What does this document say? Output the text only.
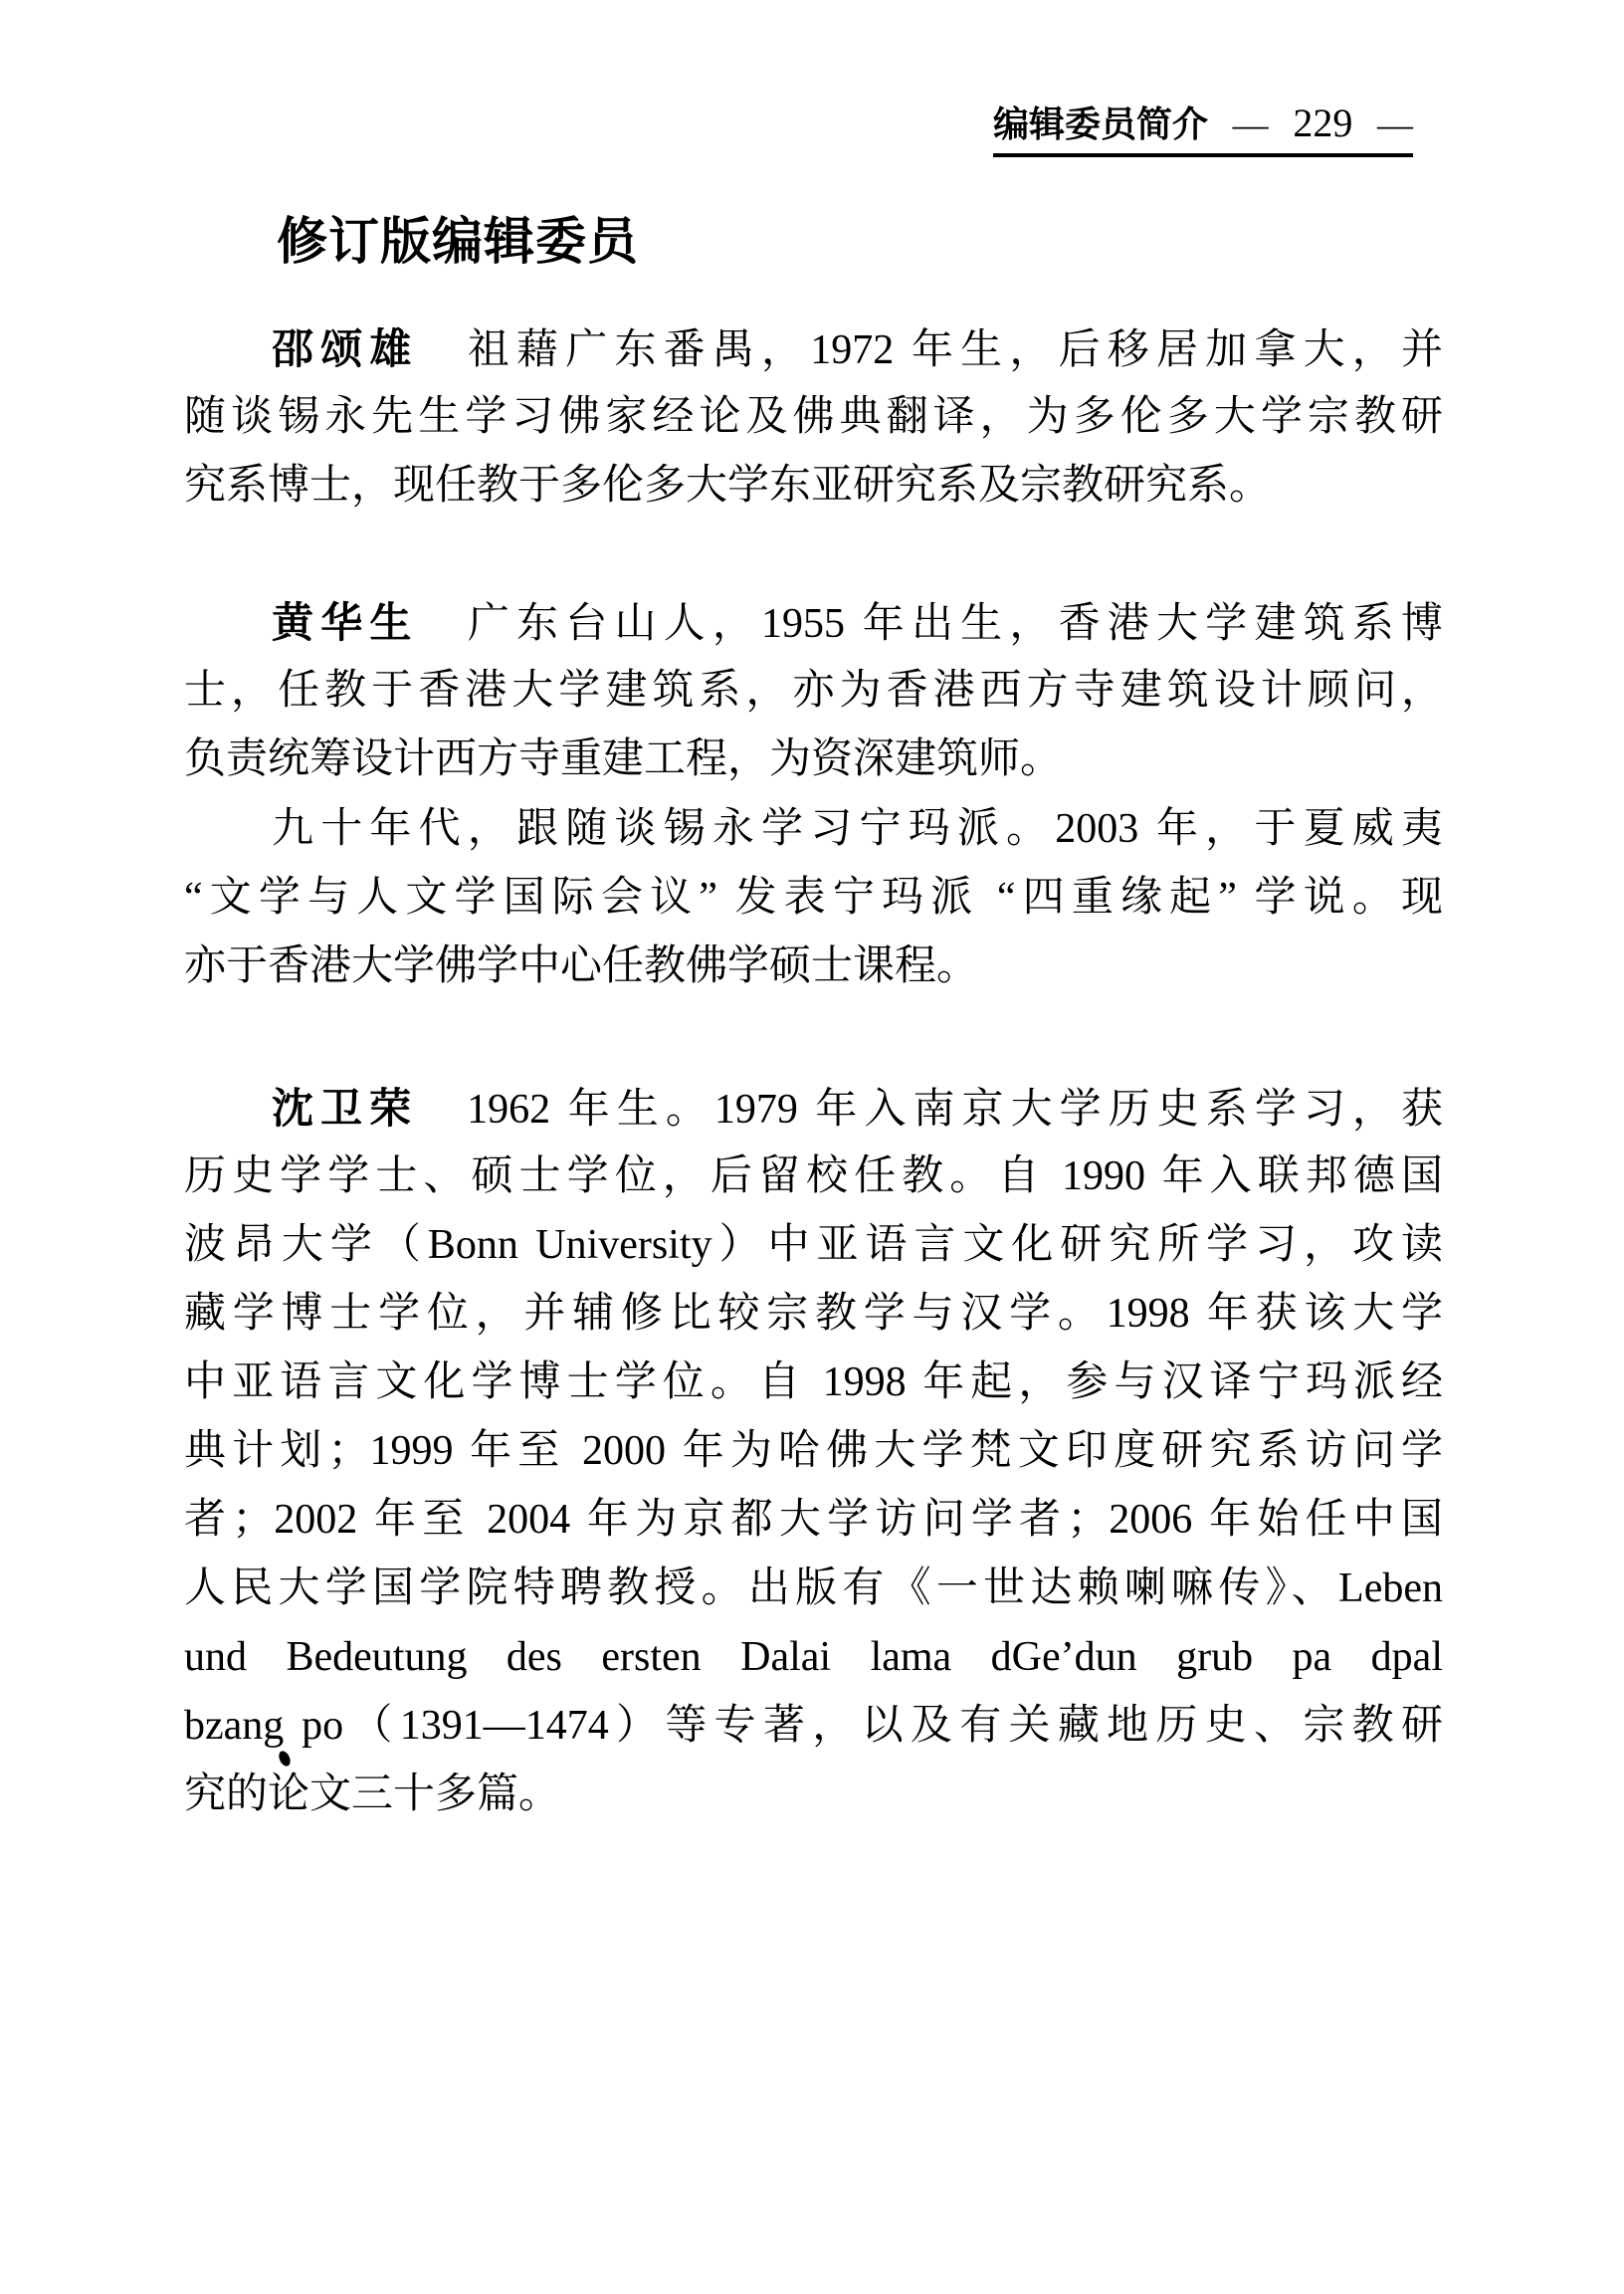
编辑委员简介 — 229 —
修订版编辑委员
邵颂雄　祖藉广东番禺，1972 年生，后移居加拿大，并
随谈锡永先生学习佛家经论及佛典翻译，为多伦多大学宗教研
究系博士，现任教于多伦多大学东亚研究系及宗教研究系。
黄华生　广东台山人，1955 年出生，香港大学建筑系博
士，任教于香港大学建筑系，亦为香港西方寺建筑设计顾问，
负责统筹设计西方寺重建工程，为资深建筑师。
九十年代，跟随谈锡永学习宁玛派。2003 年，于夏威夷
“文学与人文学国际会议” 发表宁玛派 “四重缘起” 学说。现
亦于香港大学佛学中心任教佛学硕士课程。
沈卫荣　1962 年生。1979 年入南京大学历史系学习，获
历史学学士、硕士学位，后留校任教。自 1990 年入联邦德国
波昂大学（Bonn University）中亚语言文化研究所学习，攻读
藏学博士学位，并辅修比较宗教学与汉学。1998 年获该大学
中亚语言文化学博士学位。自 1998 年起，参与汉译宁玛派经
典计划；1999 年至 2000 年为哈佛大学梵文印度研究系访问学
者；2002 年至 2004 年为京都大学访问学者；2006 年始任中国
人民大学国学院特聘教授。出版有《一世达赖喇嘛传》、Leben
und Bedeutung des ersten Dalai lama dGe’dun grub pa dpal
bzang po（1391—1474）等专著，以及有关藏地历史、宗教研
究的论文三十多篇。
